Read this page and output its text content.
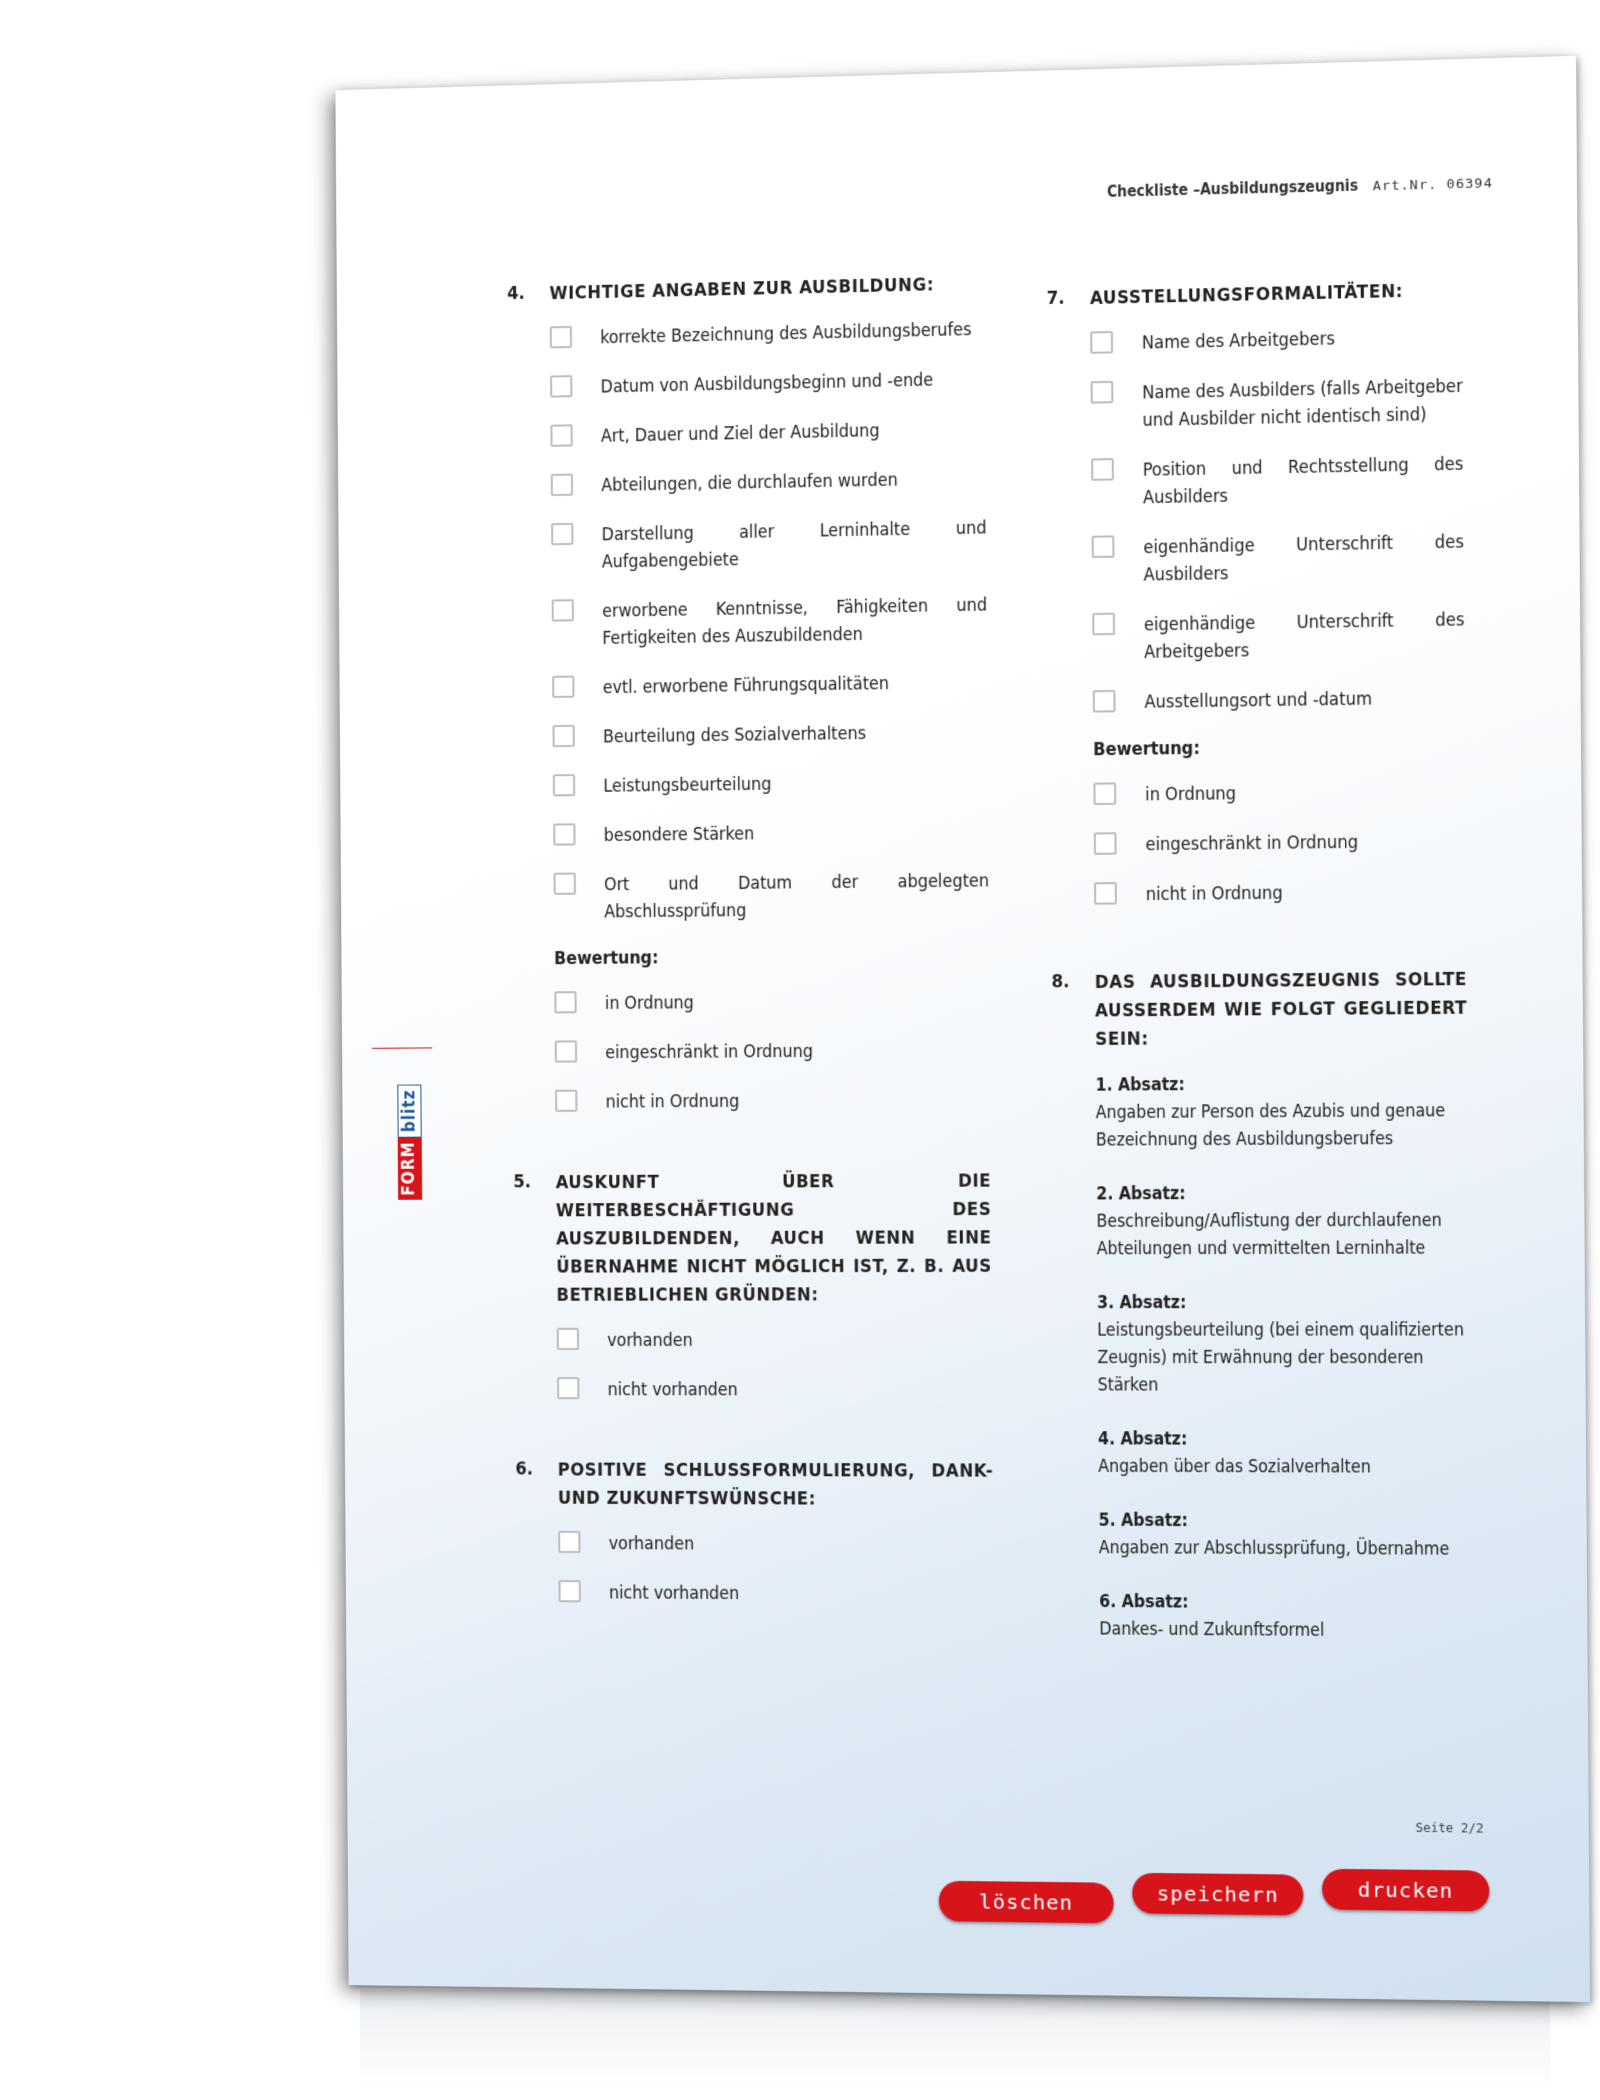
FORM
blitz
Checkliste –Ausbildungszeugnis Art.Nr. 06394
4.	WICHTIGE ANGABEN ZUR AUSBILDUNG:
korrekte Bezeichnung des Ausbildungsberufes
Datum von Ausbildungsbeginn und -ende
Art, Dauer und Ziel der Ausbildung
Abteilungen, die durchlaufen wurden
Darstellung aller Lerninhalte und Aufgabengebiete
erworbene Kenntnisse, Fähigkeiten und Fertigkeiten des Auszubildenden
evtl. erworbene Führungsqualitäten
Beurteilung des Sozialverhaltens
Leistungsbeurteilung
besondere Stärken
Ort und Datum der abgelegten Abschlussprüfung
Bewertung:
in Ordnung
eingeschränkt in Ordnung
nicht in Ordnung
5.	AUSKUNFT ÜBER DIE WEITERBESCHÄFTIGUNG DES AUSZUBILDENDEN, AUCH WENN EINE ÜBERNAHME NICHT MÖGLICH IST, Z. B. AUS BETRIEBLICHEN GRÜNDEN:
vorhanden
nicht vorhanden
6.	POSITIVE SCHLUSSFORMULIERUNG, DANK- UND ZUKUNFTSWÜNSCHE:
vorhanden
nicht vorhanden
7.	AUSSTELLUNGSFORMALITÄTEN:
Name des Arbeitgebers
Name des Ausbilders (falls Arbeitgeber und Ausbilder nicht identisch sind)
Position und Rechtsstellung des Ausbilders
eigenhändige Unterschrift des Ausbilders
eigenhändige Unterschrift des Arbeitgebers
Ausstellungsort und -datum
Bewertung:
in Ordnung
eingeschränkt in Ordnung
nicht in Ordnung
8.	DAS AUSBILDUNGSZEUGNIS SOLLTE AUSSERDEM WIE FOLGT GEGLIEDERT SEIN:
1. Absatz:
Angaben zur Person des Azubis und genaue Bezeichnung des Ausbildungsberufes
2. Absatz:
Beschreibung/Auflistung der durchlaufenen Abteilungen und vermittelten Lerninhalte
3. Absatz:
Leistungsbeurteilung (bei einem qualifizierten Zeugnis) mit Erwähnung der besonderen Stärken
4. Absatz:
Angaben über das Sozialverhalten
5. Absatz:
Angaben zur Abschlussprüfung, Übernahme
6. Absatz:
Dankes- und Zukunftsformel
Seite 2/2
löschen	speichern	drucken
